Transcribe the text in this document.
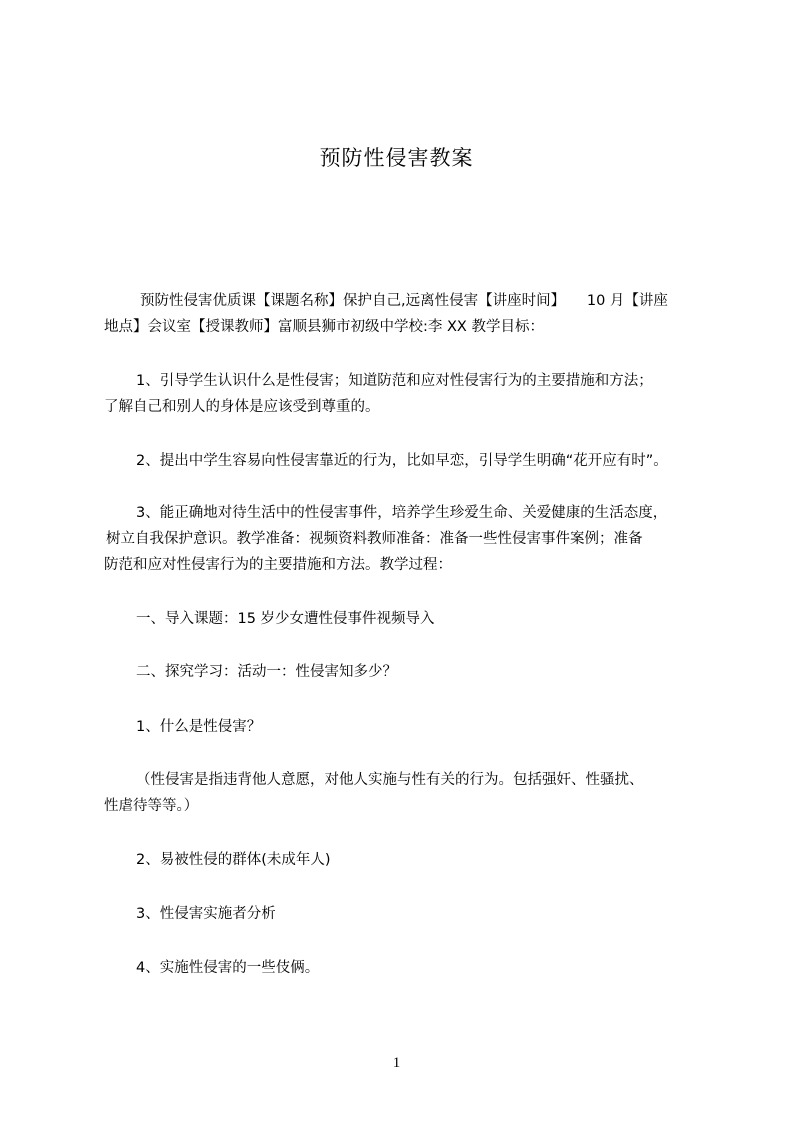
预防性侵害教案
预防性侵害优质课【课题名称】保护自己,远离性侵害【讲座时间】　　10 月【讲座
地点】会议室【授课教师】富顺县狮市初级中学校:李 XX 教学目标：
1、引导学生认识什么是性侵害；知道防范和应对性侵害行为的主要措施和方法；
了解自己和别人的身体是应该受到尊重的。
2、提出中学生容易向性侵害靠近的行为，比如早恋，引导学生明确“花开应有时”。
3、能正确地对待生活中的性侵害事件，培养学生珍爱生命、关爱健康的生活态度，
树立自我保护意识。教学准备：视频资料教师准备：准备一些性侵害事件案例；准备
防范和应对性侵害行为的主要措施和方法。教学过程：
一、导入课题：15 岁少女遭性侵事件视频导入
二、探究学习：活动一：性侵害知多少？
1、什么是性侵害？
（性侵害是指违背他人意愿，对他人实施与性有关的行为。包括强奸、性骚扰、
性虐待等等。）
2、易被性侵的群体(未成年人)
3、性侵害实施者分析
4、实施性侵害的一些伎俩。
1
